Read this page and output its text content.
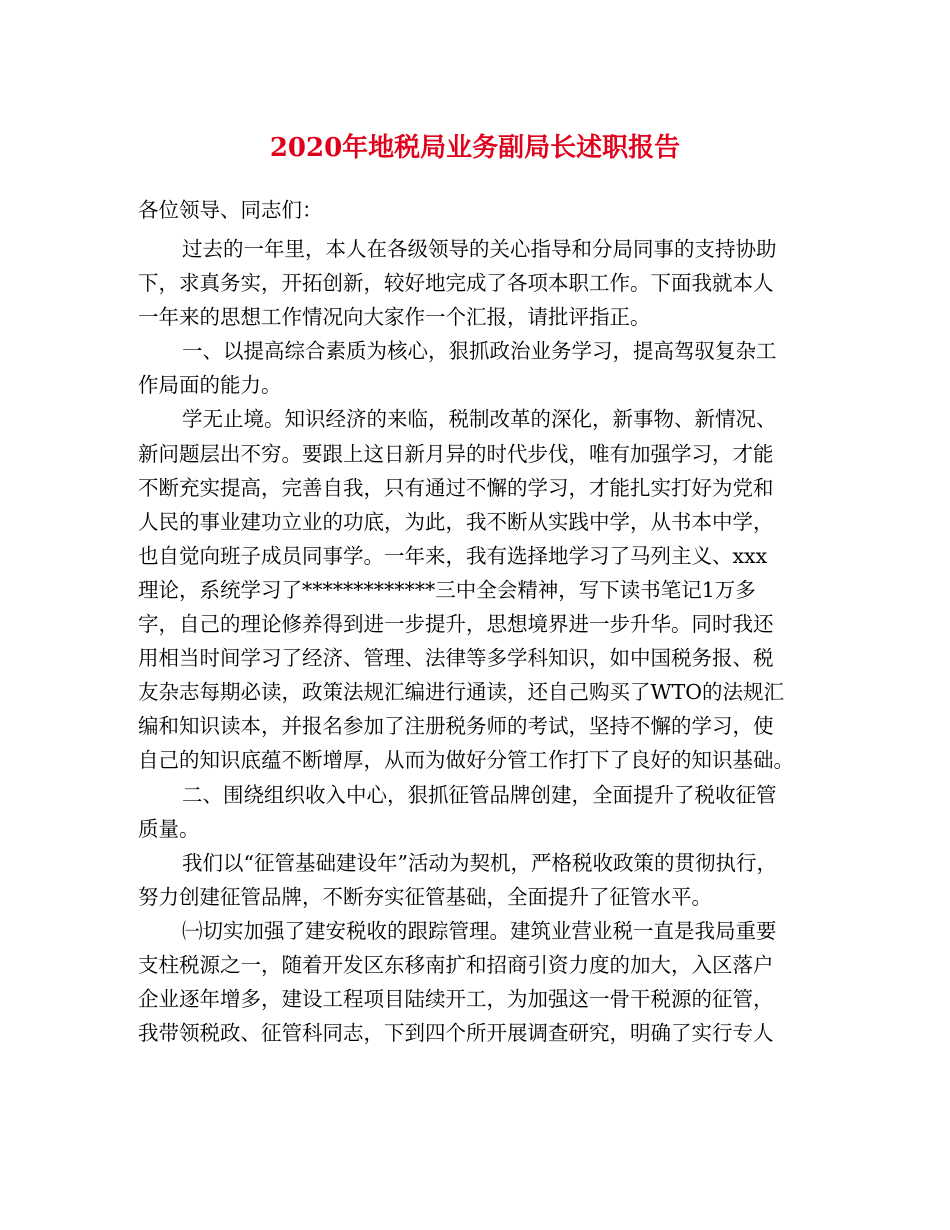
2020年地税局业务副局长述职报告
各位领导、同志们：
过去的一年里，本人在各级领导的关心指导和分局同事的支持协助
下，求真务实，开拓创新，较好地完成了各项本职工作。下面我就本人
一年来的思想工作情况向大家作一个汇报，请批评指正。
一、以提高综合素质为核心，狠抓政治业务学习，提高驾驭复杂工
作局面的能力。
学无止境。知识经济的来临，税制改革的深化，新事物、新情况、
新问题层出不穷。要跟上这日新月异的时代步伐，唯有加强学习，才能
不断充实提高，完善自我，只有通过不懈的学习，才能扎实打好为党和
人民的事业建功立业的功底，为此，我不断从实践中学，从书本中学，
也自觉向班子成员同事学。一年来，我有选择地学习了马列主义、xxx
理论，系统学习了*************三中全会精神，写下读书笔记1万多
字，自己的理论修养得到进一步提升，思想境界进一步升华。同时我还
用相当时间学习了经济、管理、法律等多学科知识，如中国税务报、税
友杂志每期必读，政策法规汇编进行通读，还自己购买了WTO的法规汇
编和知识读本，并报名参加了注册税务师的考试，坚持不懈的学习，使
自己的知识底蕴不断增厚，从而为做好分管工作打下了良好的知识基础。
二、围绕组织收入中心，狠抓征管品牌创建，全面提升了税收征管
质量。
我们以“征管基础建设年”活动为契机，严格税收政策的贯彻执行，
努力创建征管品牌，不断夯实征管基础，全面提升了征管水平。
㈠切实加强了建安税收的跟踪管理。建筑业营业税一直是我局重要
支柱税源之一，随着开发区东移南扩和招商引资力度的加大，入区落户
企业逐年增多，建设工程项目陆续开工，为加强这一骨干税源的征管，
我带领税政、征管科同志，下到四个所开展调查研究，明确了实行专人
